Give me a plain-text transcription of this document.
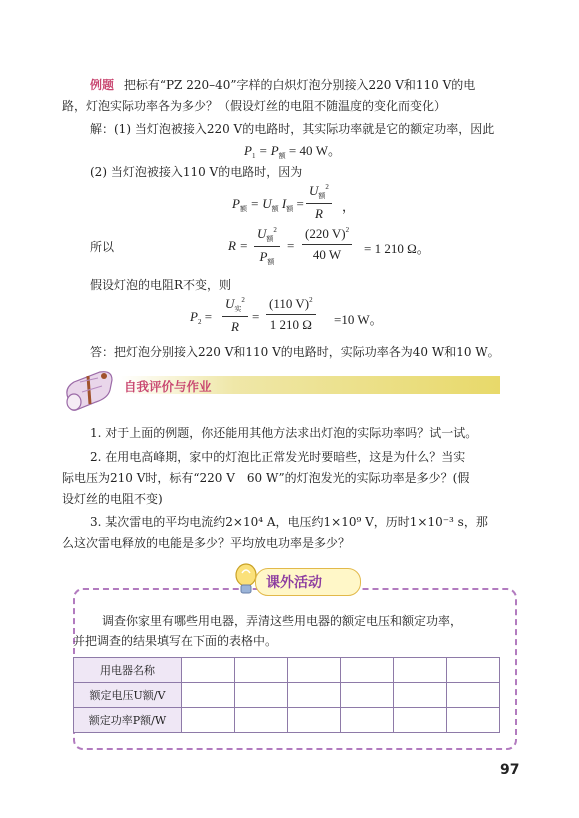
例题 把标有“PZ 220–40”字样的白炽灯泡分别接入220 V和110 V的电
路，灯泡实际功率各为多少？（假设灯丝的电阻不随温度的变化而变化）
解：(1) 当灯泡被接入220 V的电路时，其实际功率就是它的额定功率，因此
$P_1 = P_额 = 40$ W。
(2) 当灯泡被接入110 V的电路时，因为
$P_额 = U_额$ $I_额$ =
$U_额^2$
R	，
所以	R =
$U_额^2$
$P_额$
= $\frac{(220 V)^2}{40 W} = 1$ 210 Ω。
假设灯泡的电阻R不变，则
$P_2$ =
$U_实^2$
R
= $\frac{(110 V)^2}{1 210 \Omega} =10$ W。
答：把灯泡分别接入220 V和110 V的电路时，实际功率各为40 W和10 W。
自我评价与作业
1. 对于上面的例题，你还能用其他方法求出灯泡的实际功率吗？试一试。
2. 在用电高峰期，家中的灯泡比正常发光时要暗些，这是为什么？当实
际电压为210 V时，标有“220 V　60 W”的灯泡发光的实际功率是多少？(假
设灯丝的电阻不变)
3. 某次雷电的平均电流约2×10⁴ A，电压约1×10⁹ V，历时1×10⁻³ s，那
么这次雷电释放的电能是多少？平均放电功率是多少？
课外活动
调查你家里有哪些用电器，弄清这些用电器的额定电压和额定功率，
并把调查的结果填写在下面的表格中。
用电器名称						
额定电压U额/V						
额定功率P额/W						
97
